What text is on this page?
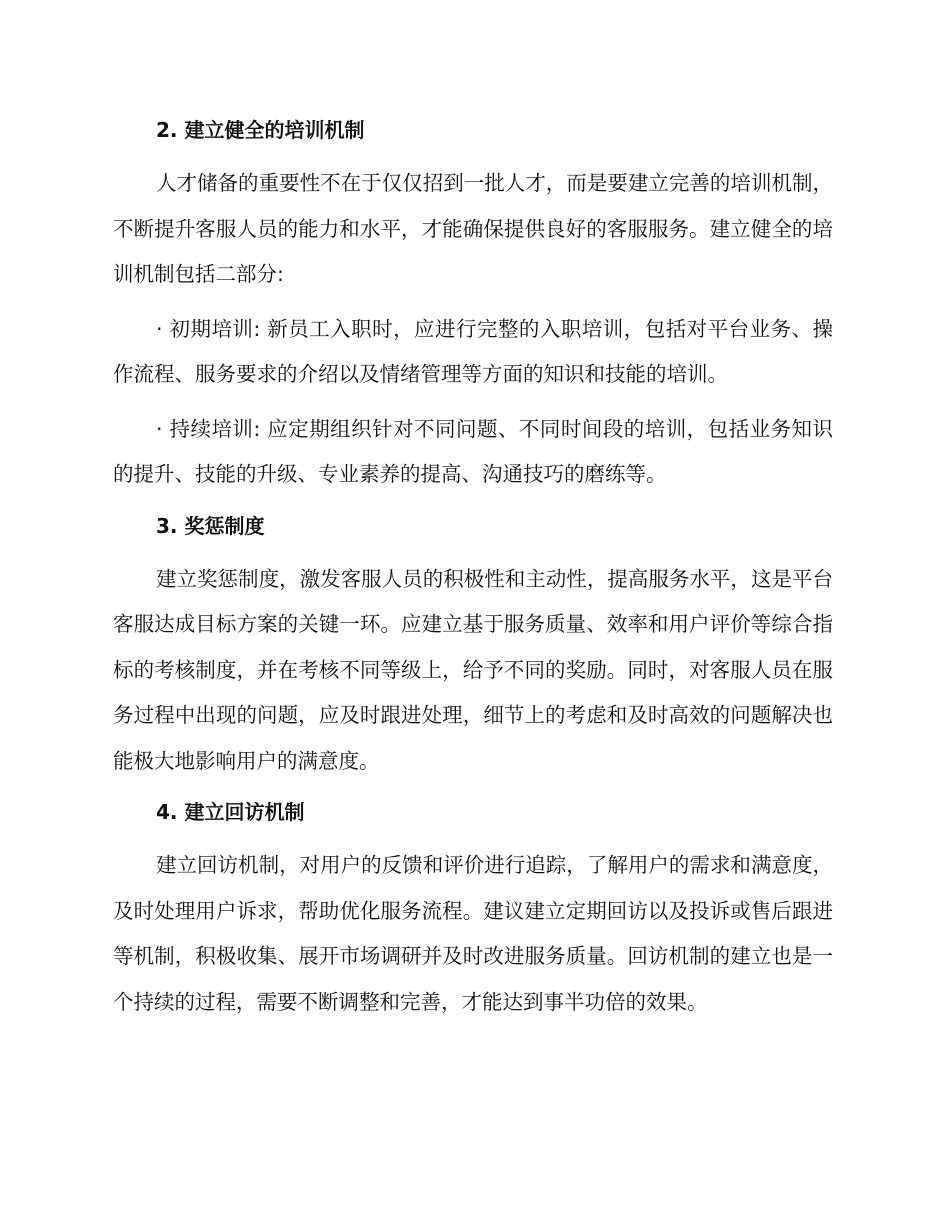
2. 建立健全的培训机制

人才储备的重要性不在于仅仅招到一批人才，而是要建立完善的培训机制，不断提升客服人员的能力和水平，才能确保提供良好的客服服务。建立健全的培训机制包括二部分:

· 初期培训: 新员工入职时，应进行完整的入职培训，包括对平台业务、操作流程、服务要求的介绍以及情绪管理等方面的知识和技能的培训。

· 持续培训: 应定期组织针对不同问题、不同时间段的培训，包括业务知识的提升、技能的升级、专业素养的提高、沟通技巧的磨练等。

3. 奖惩制度

建立奖惩制度，激发客服人员的积极性和主动性，提高服务水平，这是平台客服达成目标方案的关键一环。应建立基于服务质量、效率和用户评价等综合指标的考核制度，并在考核不同等级上，给予不同的奖励。同时，对客服人员在服务过程中出现的问题，应及时跟进处理，细节上的考虑和及时高效的问题解决也能极大地影响用户的满意度。

4. 建立回访机制

建立回访机制，对用户的反馈和评价进行追踪，了解用户的需求和满意度，及时处理用户诉求，帮助优化服务流程。建议建立定期回访以及投诉或售后跟进等机制，积极收集、展开市场调研并及时改进服务质量。回访机制的建立也是一个持续的过程，需要不断调整和完善，才能达到事半功倍的效果。
